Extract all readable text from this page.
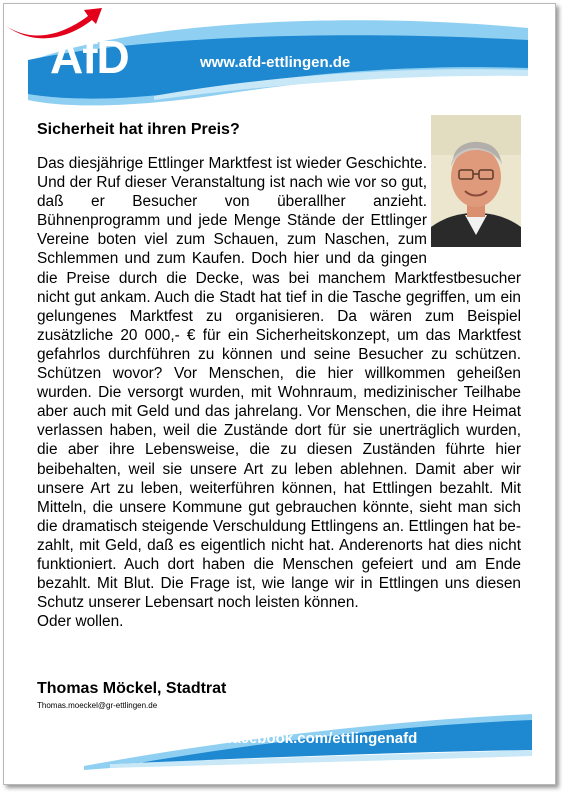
AfD	www.afd-ettlingen.de
Sicherheit hat ihren Preis?

Das diesjährige Ettlinger Marktfest ist wieder Geschichte. Und der Ruf dieser Veranstaltung ist nach wie vor so gut, daß er Besucher von überallher anzieht. Bühnenprogramm und jede Menge Stände der Ettlinger Vereine boten viel zum Schauen, zum Naschen, zum Schlemmen und zum Kaufen. Doch hier und da gingen die Preise durch die Decke, was bei manchem Marktfestbesucher nicht gut ankam. Auch die Stadt hat tief in die Tasche gegriffen, um ein gelungenes Marktfest zu organisieren. Da wären zum Beispiel zusätzliche 20 000,- € für ein Sicherheitskonzept, um das Marktfest gefahrlos durchführen zu können und seine Besucher zu schützen. Schützen wovor? Vor Menschen, die hier willkommen geheißen wurden. Die versorgt wurden, mit Wohnraum, medizinischer Teilhabe aber auch mit Geld und das jahrelang. Vor Menschen, die ihre Heimat verlassen haben, weil die Zustände dort für sie unerträglich wurden, die aber ihre Lebensweise, die zu diesen Zuständen führte hier beibehalten, weil sie unsere Art zu leben ablehnen. Damit aber wir unsere Art zu leben, weiterführen können, hat Ettlingen bezahlt. Mit Mitteln, die unsere Kommune gut gebrauchen könnte, sieht man sich die dramatisch steigende Verschuldung Ettlingens an. Ettlingen hat bezahlt, mit Geld, daß es eigentlich nicht hat. Anderenorts hat dies nicht funktioniert. Auch dort haben die Menschen gefeiert und am Ende bezahlt. Mit Blut. Die Frage ist, wie lange wir in Ettlingen uns diesen Schutz unserer Lebensart noch leisten können.

Oder wollen.

Thomas Möckel, Stadtrat
Thomas.moeckel@gr-ettlingen.de
Https://www.facebook.com/ettlingenafd
